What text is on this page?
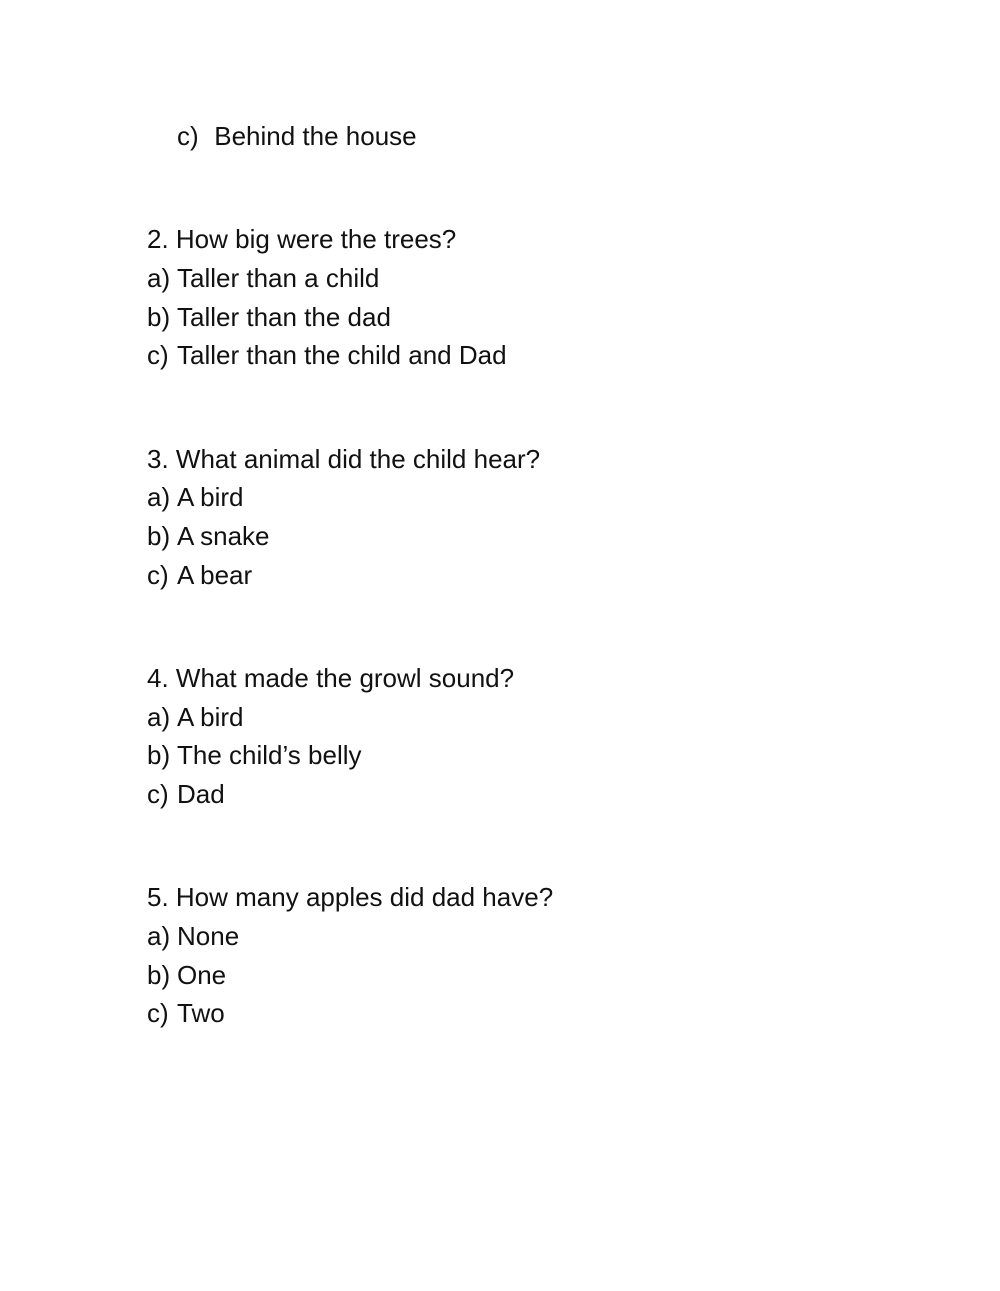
c) Behind the house
2. How big were the trees?
a) Taller than a child
b) Taller than the dad
c) Taller than the child and Dad
3. What animal did the child hear?
a) A bird
b) A snake
c) A bear
4. What made the growl sound?
a) A bird
b) The child’s belly
c) Dad
5. How many apples did dad have?
a) None
b) One
c) Two
